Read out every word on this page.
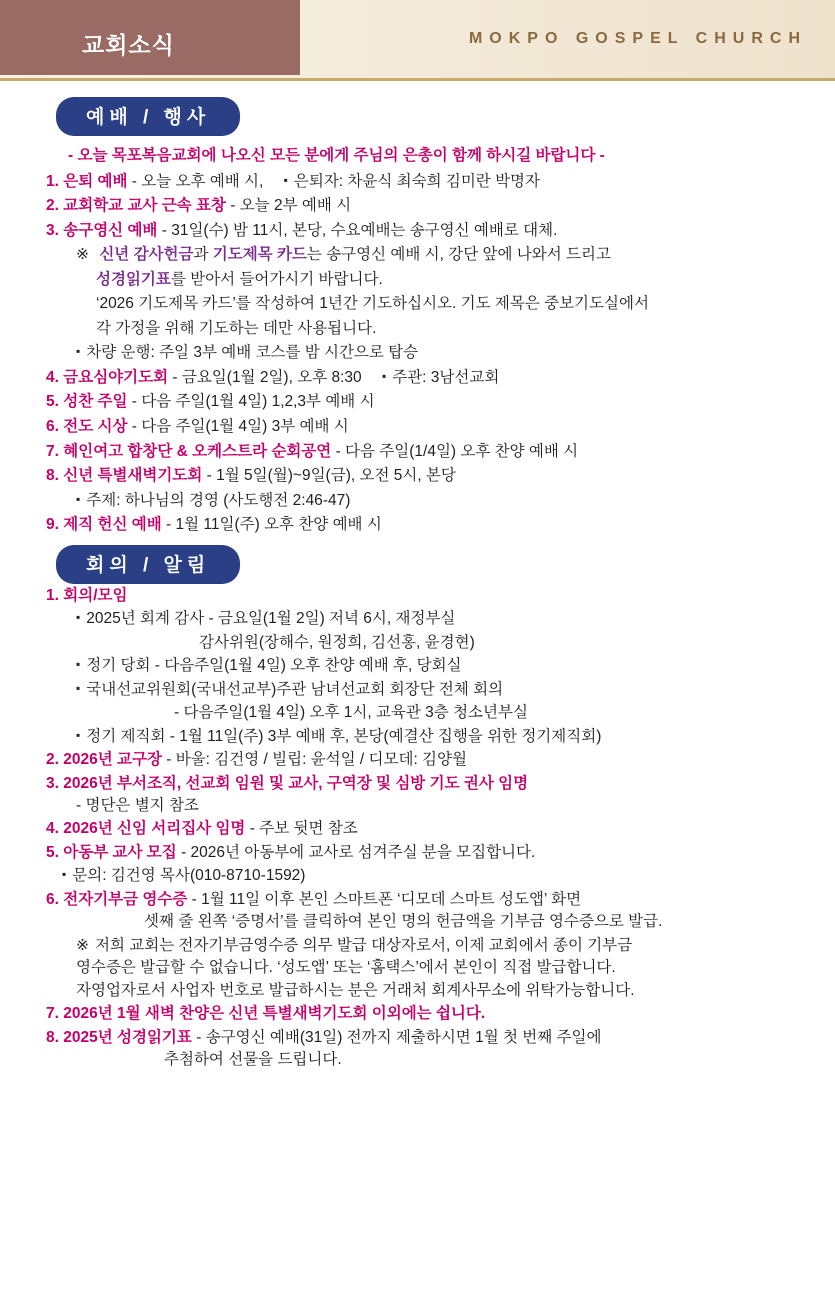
교회소식	MOKPO GOSPEL CHURCH
예배 / 행사
- 오늘 목포복음교회에 나오신 모든 분에게 주님의 은총이 함께 하시길 바랍니다 -
1. 은퇴 예배 - 오늘 오후 예배 시, ▪ 은퇴자: 차윤식 최숙희 김미란 박명자
2. 교회학교 교사 근속 표창 - 오늘 2부 예배 시
3. 송구영신 예배 - 31일(수) 밤 11시, 본당, 수요예배는 송구영신 예배로 대체.
※ 신년 감사헌금과 기도제목 카드는 송구영신 예배 시, 강단 앞에 나와서 드리고
성경읽기표를 받아서 들어가시기 바랍니다.
‘2026 기도제목 카드’를 작성하여 1년간 기도하십시오. 기도 제목은 중보기도실에서
각 가정을 위해 기도하는 데만 사용됩니다.
▪ 차량 운행: 주일 3부 예배 코스를 밤 시간으로 탑승
4. 금요심야기도회 - 금요일(1월 2일), 오후 8:30 ▪ 주관: 3남선교회
5. 성찬 주일 - 다음 주일(1월 4일) 1,2,3부 예배 시
6. 전도 시상 - 다음 주일(1월 4일) 3부 예배 시
7. 혜인여고 합창단 & 오케스트라 순회공연 - 다음 주일(1/4일) 오후 찬양 예배 시
8. 신년 특별새벽기도회 - 1월 5일(월)~9일(금), 오전 5시, 본당
▪ 주제: 하나님의 경영 (사도행전 2:46-47)
9. 제직 헌신 예배 - 1월 11일(주) 오후 찬양 예배 시
회의 / 알림
1. 회의/모임
▪ 2025년 회계 감사 - 금요일(1월 2일) 저녁 6시, 재정부실
감사위원(장해수, 원정희, 김선홍, 윤경현)
▪ 정기 당회 - 다음주일(1월 4일) 오후 찬양 예배 후, 당회실
▪ 국내선교위원회(국내선교부)주관 남녀선교회 회장단 전체 회의
- 다음주일(1월 4일) 오후 1시, 교육관 3층 청소년부실
▪ 정기 제직회 - 1월 11일(주) 3부 예배 후, 본당(예결산 집행을 위한 정기제직회)
2. 2026년 교구장 - 바울: 김건영 / 빌립: 윤석일 / 디모데: 김양월
3. 2026년 부서조직, 선교회 임원 및 교사, 구역장 및 심방 기도 권사 임명
- 명단은 별지 참조
4. 2026년 신임 서리집사 임명 - 주보 뒷면 참조
5. 아동부 교사 모집 - 2026년 아동부에 교사로 섬겨주실 분을 모집합니다.
▪ 문의: 김건영 목사(010-8710-1592)
6. 전자기부금 영수증 - 1월 11일 이후 본인 스마트폰 ‘디모데 스마트 성도앱’ 화면
셋째 줄 왼쪽 ‘증명서’를 클릭하여 본인 명의 헌금액을 기부금 영수증으로 발급.
※ 저희 교회는 전자기부금영수증 의무 발급 대상자로서, 이제 교회에서 종이 기부금
영수증은 발급할 수 없습니다. ‘성도앱’ 또는 ‘홈택스’에서 본인이 직접 발급합니다.
자영업자로서 사업자 번호로 발급하시는 분은 거래처 회계사무소에 위탁가능합니다.
7. 2026년 1월 새벽 찬양은 신년 특별새벽기도회 이외에는 쉽니다.
8. 2025년 성경읽기표 - 송구영신 예배(31일) 전까지 제출하시면 1월 첫 번째 주일에
추첨하여 선물을 드립니다.
